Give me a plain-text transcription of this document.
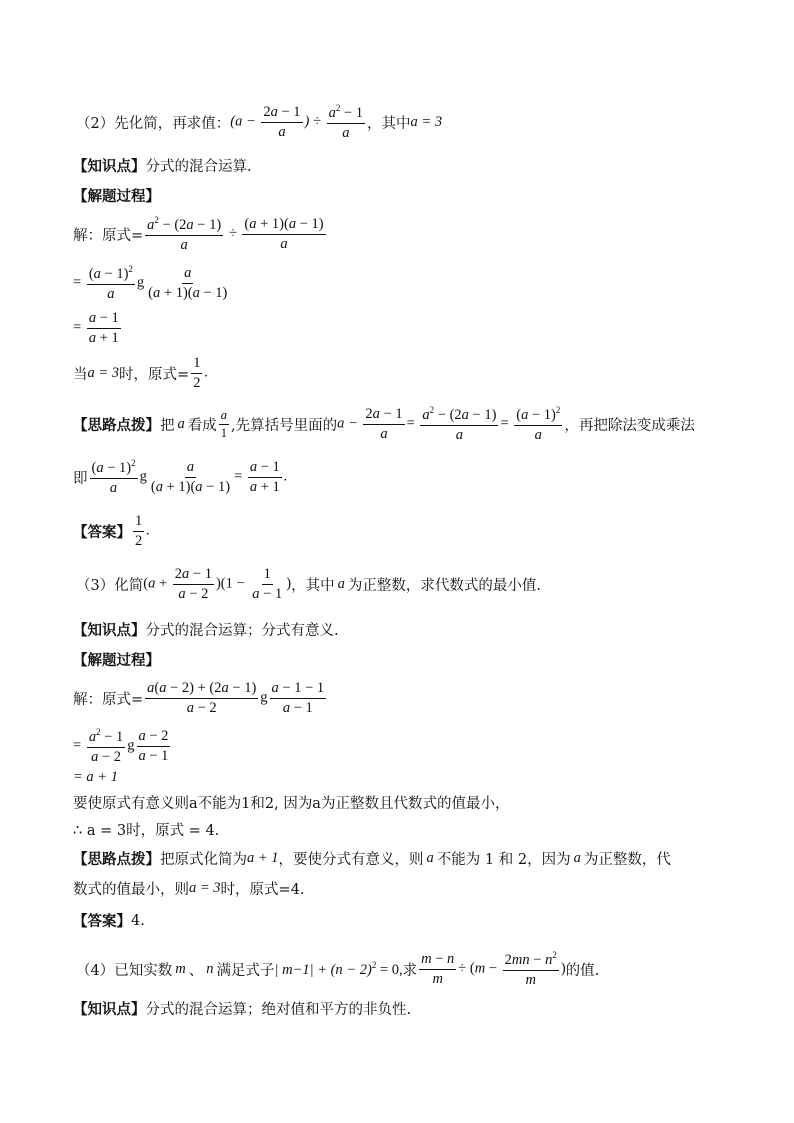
（2）先化简，再求值： ($a - \frac{2a - 1}{a}$ ) ÷ $\frac{a^2 - 1}{a}$ ，其中 a = 3
【知识点】 分式的混合运算.
【解题过程】
解：原式= $\frac{a^2 - (2a - 1)}{a} \div \frac{(a + 1)(a - 1)}{a}$
= $\frac{(a - 1)^2}{a}$ g $\frac{a}{(a + 1)(a - 1)}$
= $\frac{a - 1}{a + 1}$
当 a = 3 时，原式= $\frac{1}{2}$ .
【思路点拨】 把 a 看成 $\frac{a}{1}$ ,先算括号里面的 $a - \frac{2a - 1}{a} = \frac{a^2 - (2a - 1)}{a} = \frac{(a - 1)^2}{a}$ ，再把除法变成乘法
即 $\frac{(a - 1)^2}{a}$ g $\frac{a}{(a + 1)(a - 1)} = \frac{a - 1}{a + 1}$ .
【答案】 $\frac{1}{2}$ .
（3）化简 $(a + \frac{2a - 1}{a - 2} )(1 - \frac{1}{a - 1}$ ) ，其中 a 为正整数，求代数式的最小值.
【知识点】 分式的混合运算；分式有意义.
【解题过程】
解：原式= $\frac{a(a - 2) + (2a - 1)}{a - 2}$ g $\frac{a - 1 - 1}{a - 1}$
= $\frac{a^2 - 1}{a - 2}$ g $\frac{a - 2}{a - 1}$
= a + 1
要使原式有意义则a不能为1和2, 因为a为正整数且代数式的值最小，
∴ a = 3时，原式 = 4.
【思路点拨】 把原式化简为 a + 1 ，要使分式有意义，则 a 不能为 1 和 2，因为 a 为正整数，代
数式的值最小，则 a = 3 时，原式=4.
【答案】 4.
（4）已知实数 m 、 n 满足式子 | $m-1| + (n - 2)^2 = 0$, 求 $\frac{m - n}{m} \div (m - \frac{2mn - n^2}{m}$ ) 的值.
【知识点】 分式的混合运算；绝对值和平方的非负性.
